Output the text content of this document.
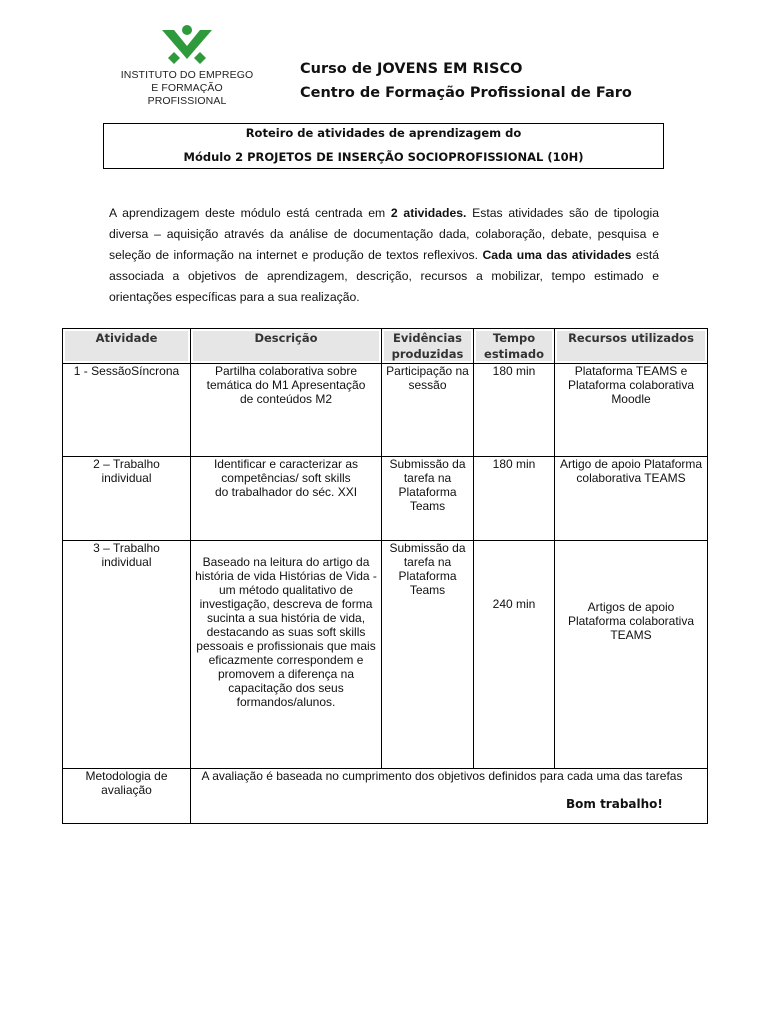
INSTITUTO DO EMPREGO
E FORMAÇÃO PROFISSIONAL
Curso de JOVENS EM RISCO
Centro de Formação Profissional de Faro
Roteiro de atividades de aprendizagem do
Módulo 2 PROJETOS DE INSERÇÃO SOCIOPROFISSIONAL (10H)
A aprendizagem deste módulo está centrada em 2 atividades. Estas atividades são de tipologia diversa – aquisição através da análise de documentação dada, colaboração, debate, pesquisa e seleção de informação na internet e produção de textos reflexivos. Cada uma das atividades está associada a objetivos de aprendizagem, descrição, recursos a mobilizar, tempo estimado e orientações específicas para a sua realização.
Atividade	Descrição	Evidências produzidas	Tempo estimado	Recursos utilizados
1 - SessãoSíncrona	Partilha colaborativa sobre temática do M1 Apresentação de conteúdos M2	Participação na sessão	180 min	Plataforma TEAMS e Plataforma colaborativa Moodle
2 – Trabalho individual	Identificar e caracterizar as competências/ soft skills do trabalhador do séc. XXI	Submissão da tarefa na Plataforma Teams	180 min	Artigo de apoio Plataforma colaborativa TEAMS
3 – Trabalho individual	Baseado na leitura do artigo da história de vida Histórias de Vida - um método qualitativo de investigação, descreva de forma sucinta a sua história de vida, destacando as suas soft skills pessoais e profissionais que mais eficazmente correspondem e promovem a diferença na capacitação dos seus formandos/alunos.	Submissão da tarefa na Plataforma Teams	240 min	Artigos de apoio Plataforma colaborativa TEAMS
Metodologia de avaliação	A avaliação é baseada no cumprimento dos objetivos definidos para cada uma das tarefas			
Bom trabalho!
